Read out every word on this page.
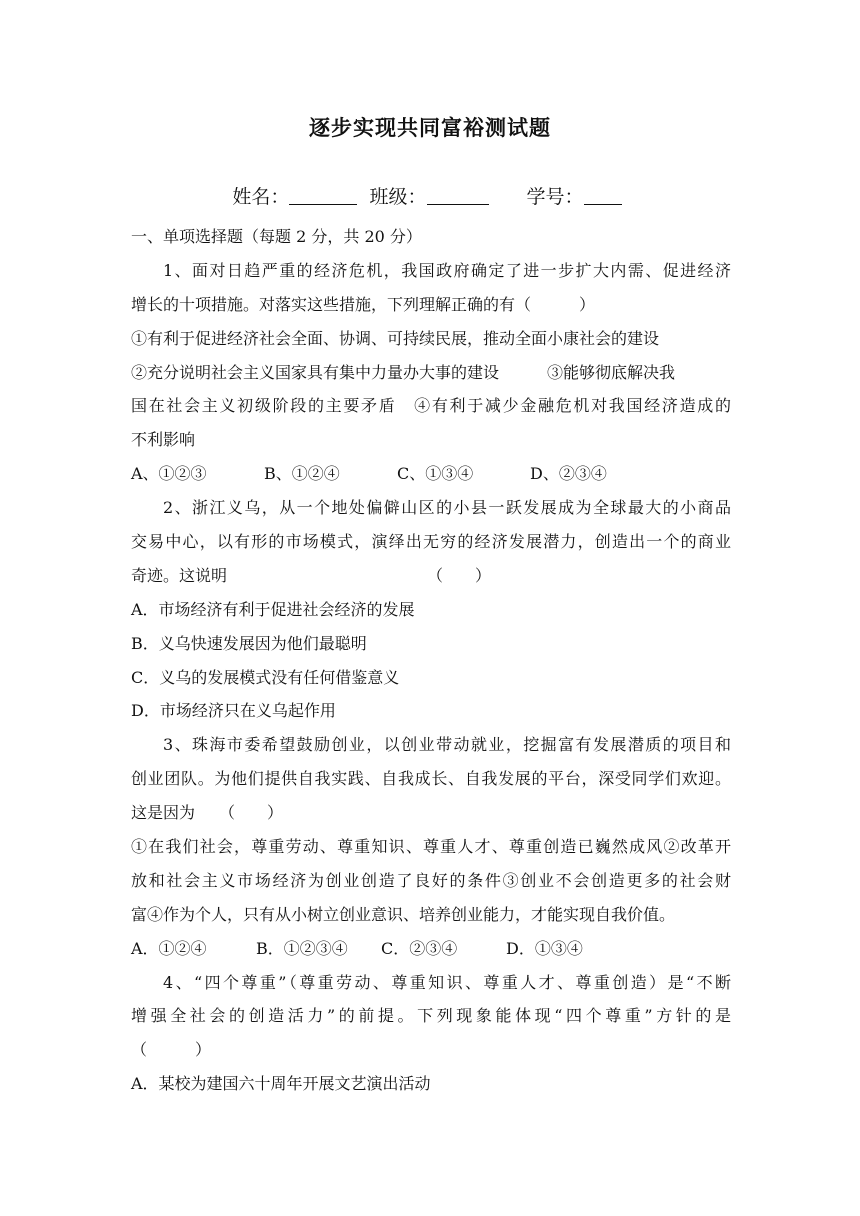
逐步实现共同富裕测试题
姓名：	班级：	学号：
一、单项选择题（每题 2 分，共 20 分）
1、面对日趋严重的经济危机，我国政府确定了进一步扩大内需、促进经济
增长的十项措施。对落实这些措施，下列理解正确的有（　　　）
①有利于促进经济社会全面、协调、可持续民展，推动全面小康社会的建设
②充分说明社会主义国家具有集中力量办大事的建设　　　③能够彻底解决我
国在社会主义初级阶段的主要矛盾　④有利于减少金融危机对我国经济造成的
不利影响
A、①②③	B、①②④	C、①③④	D、②③④
2、浙江义乌，从一个地处偏僻山区的小县一跃发展成为全球最大的小商品
交易中心，以有形的市场模式，演绎出无穷的经济发展潜力，创造出一个的商业
奇迹。这说明　　　　　　　　　　　　　（　　）
A．市场经济有利于促进社会经济的发展
B．义乌快速发展因为他们最聪明
C．义乌的发展模式没有任何借鉴意义
D．市场经济只在义乌起作用
3、珠海市委希望鼓励创业，以创业带动就业，挖掘富有发展潜质的项目和
创业团队。为他们提供自我实践、自我成长、自我发展的平台，深受同学们欢迎。
这是因为　　（　　）
①在我们社会，尊重劳动、尊重知识、尊重人才、尊重创造已巍然成风②改革开
放和社会主义市场经济为创业创造了良好的条件③创业不会创造更多的社会财
富④作为个人，只有从小树立创业意识、培养创业能力，才能实现自我价值。
A．①②④	B．①②③④ C．②③④	D．①③④
4、“四个尊重”（尊重劳动、尊重知识、尊重人才、尊重创造）是“不断
增强全社会的创造活力”的前提。下列现象能体现“四个尊重”方针的是
（　　　）
A．某校为建国六十周年开展文艺演出活动
